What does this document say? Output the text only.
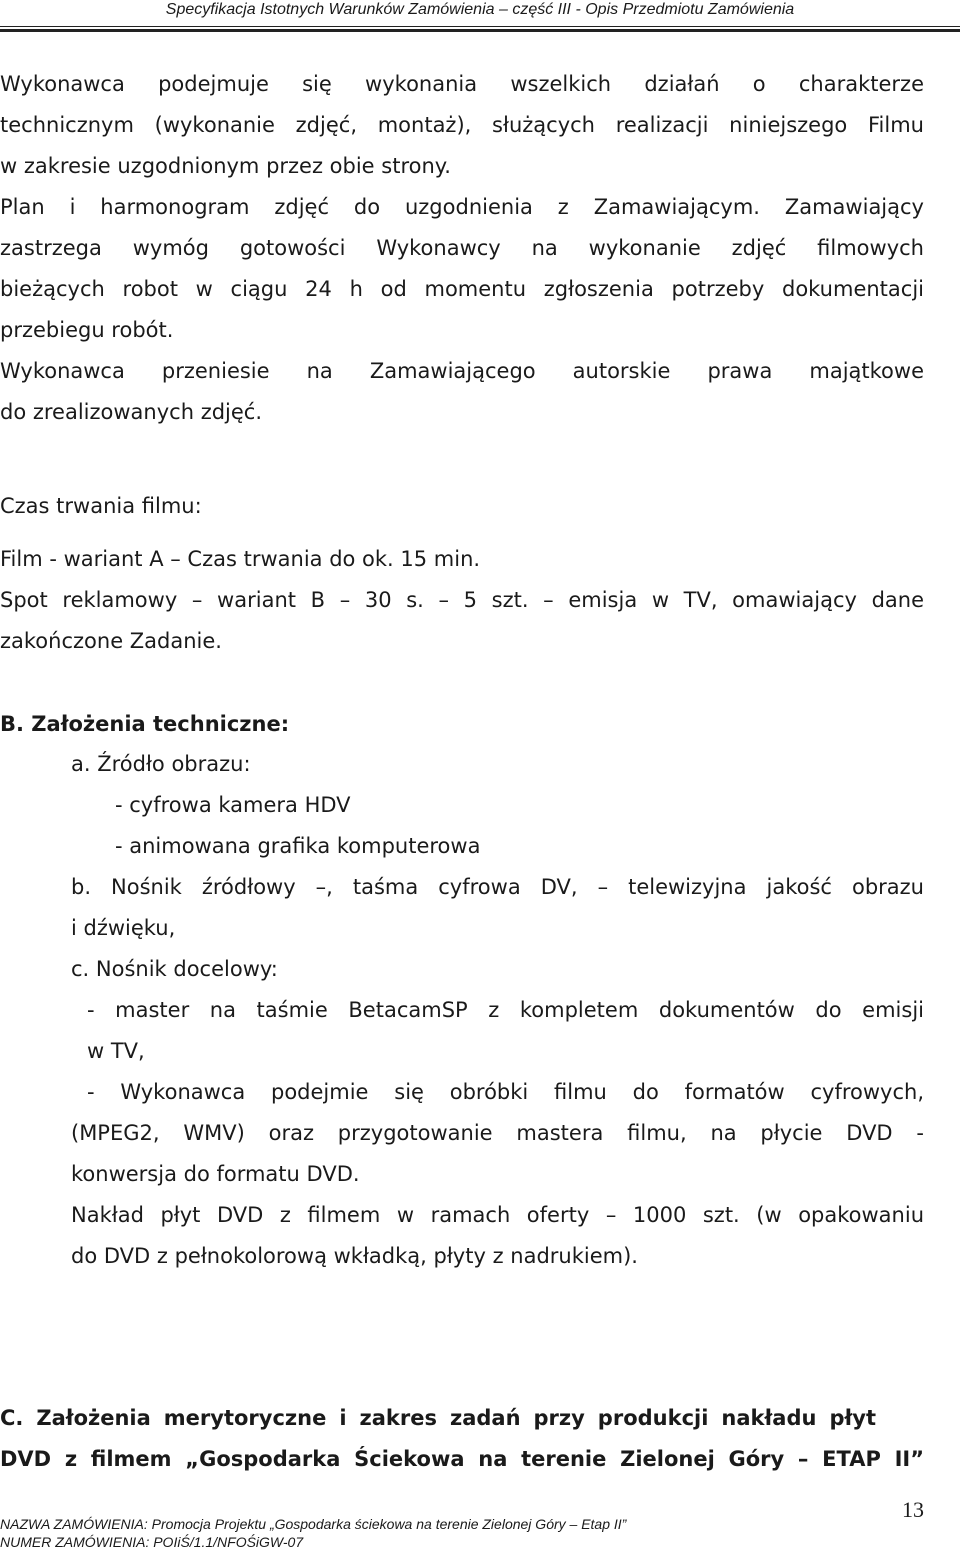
Specyfikacja Istotnych Warunków Zamówienia – część III - Opis Przedmiotu Zamówienia
Wykonawca podejmuje się wykonania wszelkich działań o charakterze
technicznym (wykonanie zdjęć, montaż), służących realizacji niniejszego Filmu
w zakresie uzgodnionym przez obie strony.
Plan i harmonogram zdjęć do uzgodnienia z Zamawiającym. Zamawiający
zastrzega wymóg gotowości Wykonawcy na wykonanie zdjęć filmowych
bieżących robot w ciągu 24 h od momentu zgłoszenia potrzeby dokumentacji
przebiegu robót.
Wykonawca przeniesie na Zamawiającego autorskie prawa majątkowe
do zrealizowanych zdjęć.
Czas trwania filmu:
Film - wariant A – Czas trwania do ok. 15 min.
Spot reklamowy – wariant B – 30 s. – 5 szt. – emisja w TV, omawiający dane
zakończone Zadanie.
B. Założenia techniczne:
a. Źródło obrazu:
- cyfrowa kamera HDV
- animowana grafika komputerowa
b. Nośnik źródłowy –, taśma cyfrowa DV, – telewizyjna jakość obrazu
i dźwięku,
c. Nośnik docelowy:
- master na taśmie BetacamSP z kompletem dokumentów do emisji
w TV,
- Wykonawca podejmie się obróbki filmu do formatów cyfrowych,
(MPEG2, WMV) oraz przygotowanie mastera filmu, na płycie DVD -
konwersja do formatu DVD.
Nakład płyt DVD z filmem w ramach oferty – 1000 szt. (w opakowaniu
do DVD z pełnokolorową wkładką, płyty z nadrukiem).
C. Założenia merytoryczne i zakres zadań przy produkcji nakładu płyt
DVD z filmem „Gospodarka Ściekowa na terenie Zielonej Góry – ETAP II”
NAZWA ZAMÓWIENIA: Promocja Projektu „Gospodarka ściekowa na terenie Zielonej Góry – Etap II”
NUMER ZAMÓWIENIA: POIiŚ/1.1/NFOŚiGW-07
13
